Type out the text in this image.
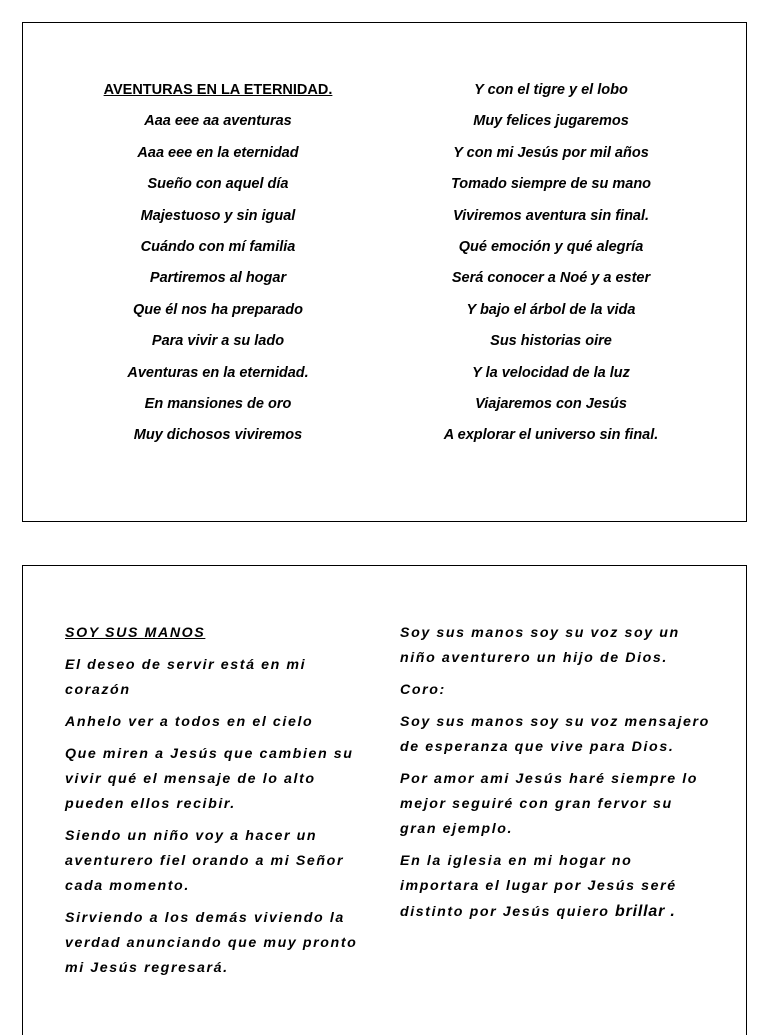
AVENTURAS EN LA ETERNIDAD.
Aaa eee aa aventuras
Aaa eee en la eternidad
Sueño con aquel día
Majestuoso y sin igual
Cuándo con mí familia
Partiremos al hogar
Que él nos ha preparado
Para vivir a su lado
Aventuras en la eternidad.
En mansiones de oro
Muy dichosos viviremos
Y con el tigre y el lobo
Muy felices jugaremos
Y con mi Jesús por mil años
Tomado siempre de su mano
Viviremos aventura sin final.
Qué emoción y qué alegría
Será conocer a Noé y a ester
Y bajo el árbol de la vida
Sus historias oire
Y la velocidad de la luz
Viajaremos con Jesús
A explorar el universo sin final.
SOY SUS MANOS
El deseo de servir está en mi corazón
Anhelo ver a todos en el cielo
Que miren a Jesús que cambien su vivir qué el mensaje de lo alto pueden ellos recibir.
Siendo un niño voy a hacer un aventurero fiel orando a mi Señor cada momento.
Sirviendo a los demás viviendo la verdad anunciando que muy pronto mi Jesús regresará.
Soy sus manos soy su voz soy un niño aventurero un hijo de Dios.
Coro:
Soy sus manos soy su voz mensajero de esperanza que vive para Dios.
Por amor ami Jesús haré siempre lo mejor seguiré con gran fervor su gran ejemplo.
En la iglesia en mi hogar no importara el lugar por Jesús seré distinto por Jesús quiero brillar .
